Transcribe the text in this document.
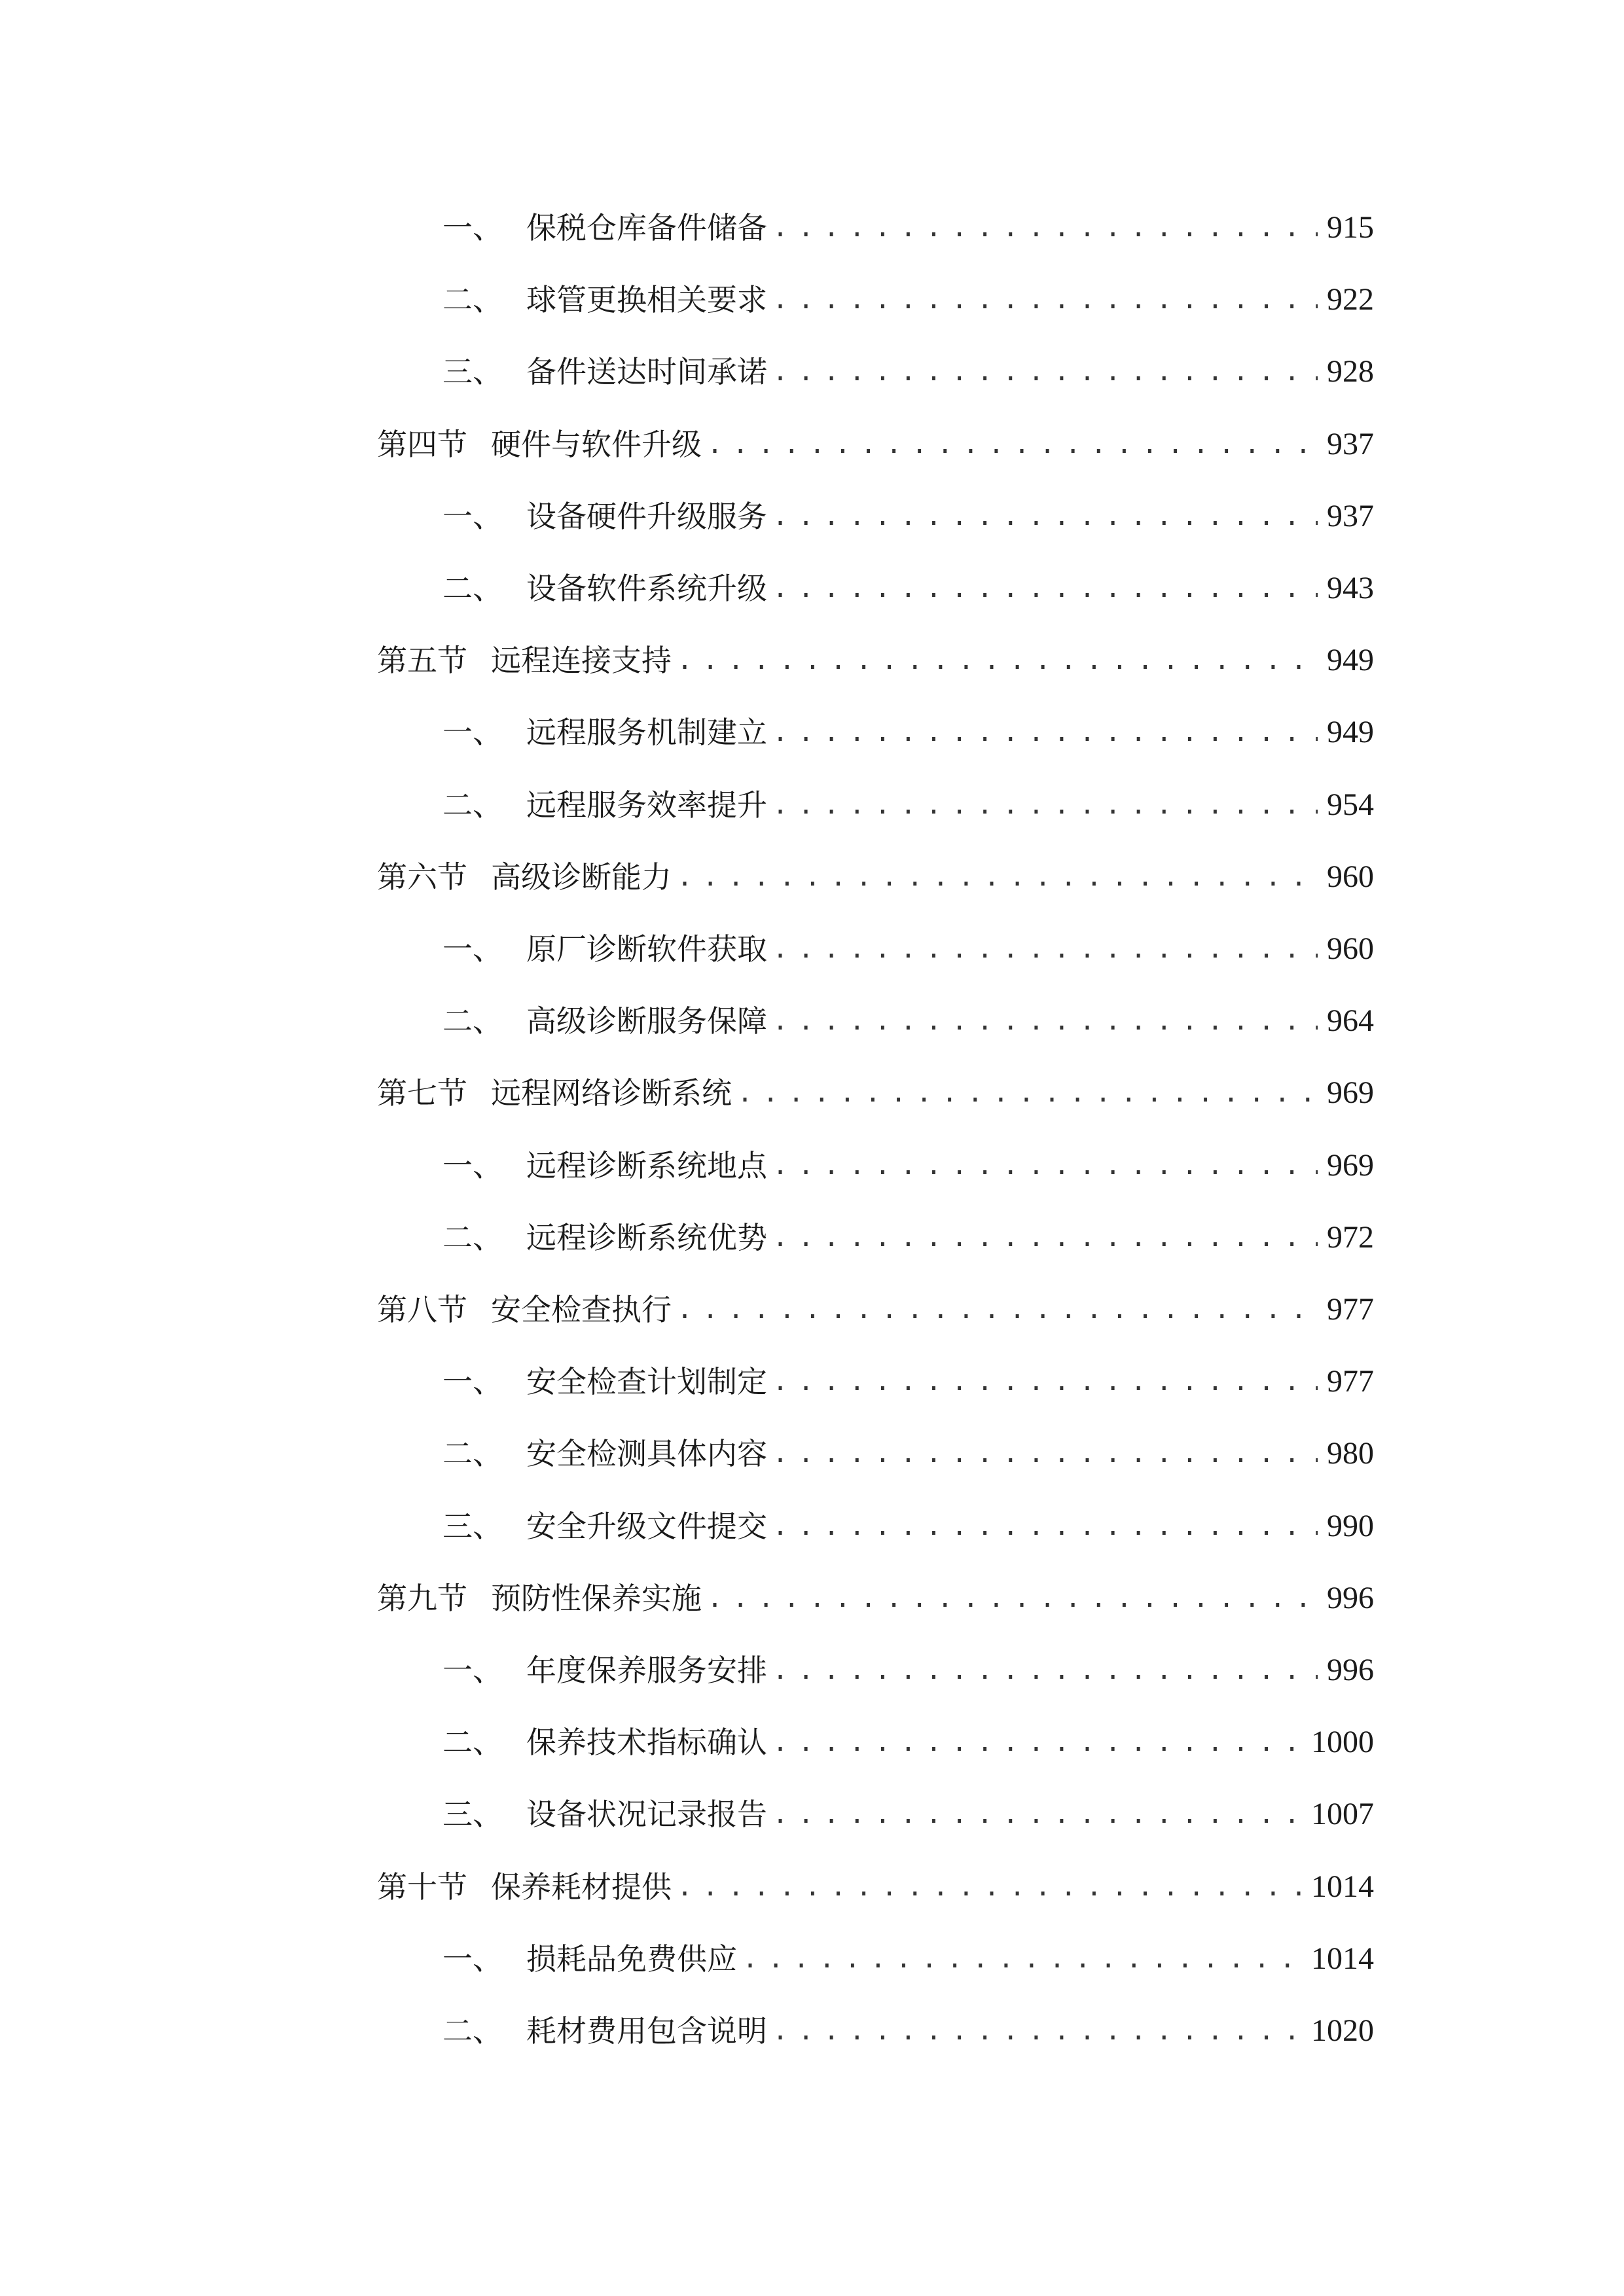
一、 保税仓库备件储备 .....	915
二、 球管更换相关要求 .....	922
三、 备件送达时间承诺 .....	928
第四节 硬件与软件升级 .....	937
一、 设备硬件升级服务 .....	937
二、 设备软件系统升级 .....	943
第五节 远程连接支持 .....	949
一、 远程服务机制建立 .....	949
二、 远程服务效率提升 .....	954
第六节 高级诊断能力 .....	960
一、 原厂诊断软件获取 .....	960
二、 高级诊断服务保障 .....	964
第七节 远程网络诊断系统 .....	969
一、 远程诊断系统地点 .....	969
二、 远程诊断系统优势 .....	972
第八节 安全检查执行 .....	977
一、 安全检查计划制定 .....	977
二、 安全检测具体内容 .....	980
三、 安全升级文件提交 .....	990
第九节 预防性保养实施 .....	996
一、 年度保养服务安排 .....	996
二、 保养技术指标确认 .....	1000
三、 设备状况记录报告 .....	1007
第十节 保养耗材提供 .....	1014
一、 损耗品免费供应 .....	1014
二、 耗材费用包含说明 .....	1020
